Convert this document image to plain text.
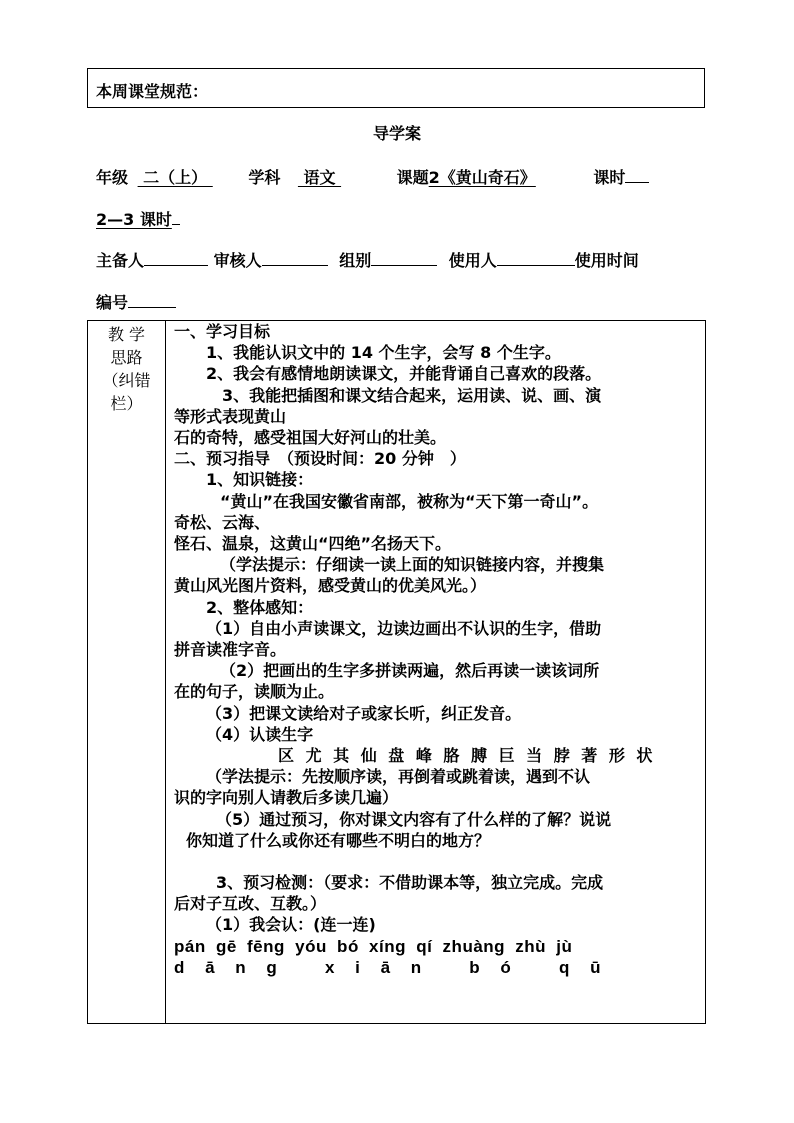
本周课堂规范：
导学案
年级  二（上）  学科  语文	课题2《黄山奇石》	课时
2—3 课时
主备人	审核人	组别	使用人	使用时间
编号
教 学
思路
（纠错
栏）
一、学习目标
1、我能认识文中的 14 个生字，会写 8 个生字。
2、我会有感情地朗读课文，并能背诵自己喜欢的段落。
3、我能把插图和课文结合起来，运用读、说、画、演
等形式表现黄山
石的奇特，感受祖国大好河山的壮美。
二、预习指导　（预设时间：20 分钟　）
1、知识链接：
“黄山”在我国安徽省南部，被称为“天下第一奇山”。
奇松、云海、
怪石、温泉，这黄山“四绝”名扬天下。
（学法提示：仔细读一读上面的知识链接内容，并搜集
黄山风光图片资料，感受黄山的优美风光。）
2、整体感知：
（1）自由小声读课文，边读边画出不认识的生字，借助
拼音读准字音。
（2）把画出的生字多拼读两遍，然后再读一读该词所
在的句子，读顺为止。
（3）把课文读给对子或家长听，纠正发音。
（4）认读生字
区 尤 其 仙 盘 峰 胳 膊 巨 当 脖 著 形 状
（学法提示：先按顺序读，再倒着或跳着读，遇到不认
识的字向别人请教后多读几遍）
（5）通过预习，你对课文内容有了什么样的了解？说说
你知道了什么或你还有哪些不明白的地方？
3、预习检测：（要求：不借助课本等，独立完成。完成
后对子互改、互教。）
（1）我会认：(连一连)
pán gē fēng yóu bó xíng qí zhuàng zhù jù
d ā n g   x i ā n   b ó   q ū
